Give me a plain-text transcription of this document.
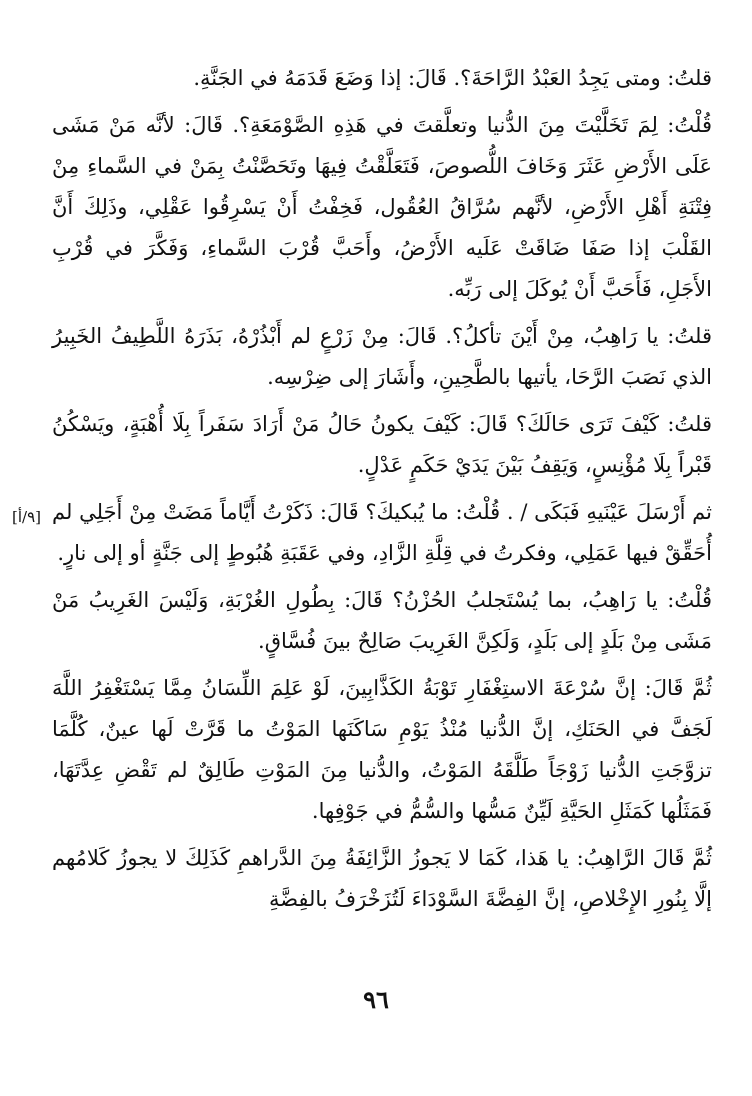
قلتُ: ومتى يَجِدُ العَبْدُ الرَّاحَةَ؟. قَالَ: إذا وَضَعَ قَدَمَهُ في الجَنَّةِ.

قُلْتُ: لِمَ تَخَلَّيْتَ مِنَ الدُّنيا وتعلَّقتَ في هَذِهِ الصَّوْمَعَةِ؟. قَالَ: لأنَّه مَنْ مَشَى عَلَى الأَرْضِ عَثَرَ وَخَافَ اللُّصوصَ، فَتَعَلَّقْتُ فِيهَا وتَحَصَّنْتُ بِمَنْ في السَّماءِ مِنْ فِتْنَةِ أَهْلِ الأَرْضِ، لأنَّهم سُرَّاقُ العُقُول، فَخِفْتُ أَنْ يَسْرِقُوا عَقْلِي، وذَلِكَ أَنَّ القَلْبَ إذا صَفَا ضَاقَتْ عَلَيه الأَرْضُ، وأَحَبَّ قُرْبَ السَّماءِ، وَفَكَّرَ في قُرْبِ الأَجَلِ، فَأَحَبَّ أَنْ يُوكَلَ إلى رَبِّه.

قلتُ: يا رَاهِبُ، مِنْ أَيْنَ تأكلُ؟. قَالَ: مِنْ زَرْعٍ لم أَبْذُرْهُ، بَذَرَهُ اللَّطِيفُ الخَبِيرُ الذي نَصَبَ الرَّحَا، يأتيها بالطَّحِينِ، وأَشَارَ إلى ضِرْسِه.

قلتُ: كَيْفَ تَرَى حَالَكَ؟ قَالَ: كَيْفَ يكونُ حَالُ مَنْ أَرَادَ سَفَراً بِلَا أُهْبَةٍ، ويَسْكُنُ قَبْراً بِلَا مُؤْنِسٍ، وَيَقِفُ بَيْنَ يَدَيْ حَكَمٍ عَدْلٍ.

ثم أَرْسَلَ عَيْنَيهِ فَبَكَى / . قُلْتُ: ما يُبكيكَ؟ قَالَ: ذَكَرْتُ أَيَّاماً مَضَتْ مِنْ أَجَلِي لم أُحَقِّقْ فيها عَمَلِي، وفكرتُ في قِلَّةِ الزَّادِ، وفي عَقَبَةِ هُبُوطٍ إلى جَنَّةٍ أو إلى نارٍ.

قُلْتُ: يا رَاهِبُ، بما يُسْتَجلبُ الحُزْنُ؟ قَالَ: بِطُولِ الغُرْبَةِ، وَلَيْسَ الغَرِيبُ مَنْ مَشَى مِنْ بَلَدٍ إلى بَلَدٍ، وَلَكِنَّ الغَرِيبَ صَالِحٌ بينَ فُسَّاقٍ.

ثُمَّ قَالَ: إنَّ سُرْعَةَ الاستِغْفَارِ تَوْبَةُ الكَذَّابِينَ، لَوْ عَلِمَ اللِّسَانُ مِمَّا يَسْتَغْفِرُ اللَّهَ لَجَفَّ في الحَنَكِ، إنَّ الدُّنيا مُنْذُ يَوْمِ سَاكَنَها المَوْتُ ما قَرَّتْ لَها عينٌ، كُلَّمَا تزوَّجَتِ الدُّنيا زَوْجَاً طَلَّقَهُ المَوْتُ، والدُّنيا مِنَ المَوْتِ طَالِقٌ لم تَقْضِ عِدَّتَهَا، فَمَثَلُها كَمَثَلِ الحَيَّةِ لَيِّنٌ مَسُّها والسُّمُّ في جَوْفِها.

ثُمَّ قَالَ الرَّاهِبُ: يا هَذا، كَمَا لا يَجوزُ الزَّائِفَةُ مِنَ الدَّراهمِ كَذَلِكَ لا يجوزُ كَلامُهم إلَّا بِنُورِ الإِخْلاصِ، إنَّ الفِضَّةَ السَّوْدَاءَ لَتُزَخْرَفُ بالفِضَّةِ

[٩/أ]
٩٦
